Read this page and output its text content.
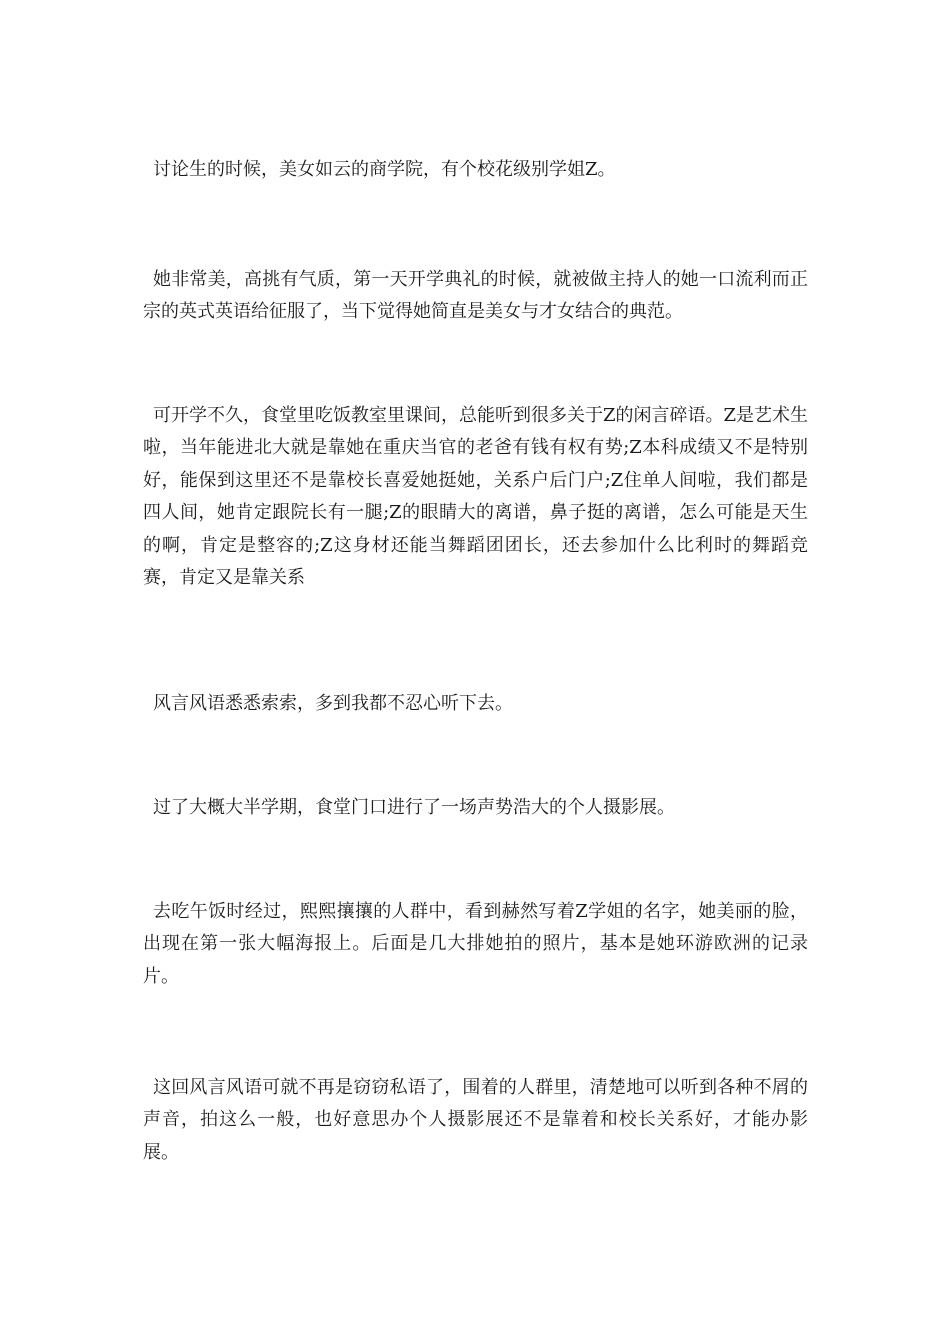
讨论生的时候，美女如云的商学院，有个校花级别学姐Z。

她非常美，高挑有气质，第一天开学典礼的时候，就被做主持人的她一口流利而正宗的英式英语给征服了，当下觉得她简直是美女与才女结合的典范。

可开学不久，食堂里吃饭教室里课间，总能听到很多关于Z的闲言碎语。Z是艺术生啦，当年能进北大就是靠她在重庆当官的老爸有钱有权有势;Z本科成绩又不是特别好，能保到这里还不是靠校长喜爱她挺她，关系户后门户;Z住单人间啦，我们都是四人间，她肯定跟院长有一腿;Z的眼睛大的离谱，鼻子挺的离谱，怎么可能是天生的啊，肯定是整容的;Z这身材还能当舞蹈团团长，还去参加什么比利时的舞蹈竞赛，肯定又是靠关系

风言风语悉悉索索，多到我都不忍心听下去。

过了大概大半学期，食堂门口进行了一场声势浩大的个人摄影展。

去吃午饭时经过，熙熙攘攘的人群中，看到赫然写着Z学姐的名字，她美丽的脸，出现在第一张大幅海报上。后面是几大排她拍的照片，基本是她环游欧洲的记录片。

这回风言风语可就不再是窃窃私语了，围着的人群里，清楚地可以听到各种不屑的声音，拍这么一般，也好意思办个人摄影展还不是靠着和校长关系好，才能办影展。
